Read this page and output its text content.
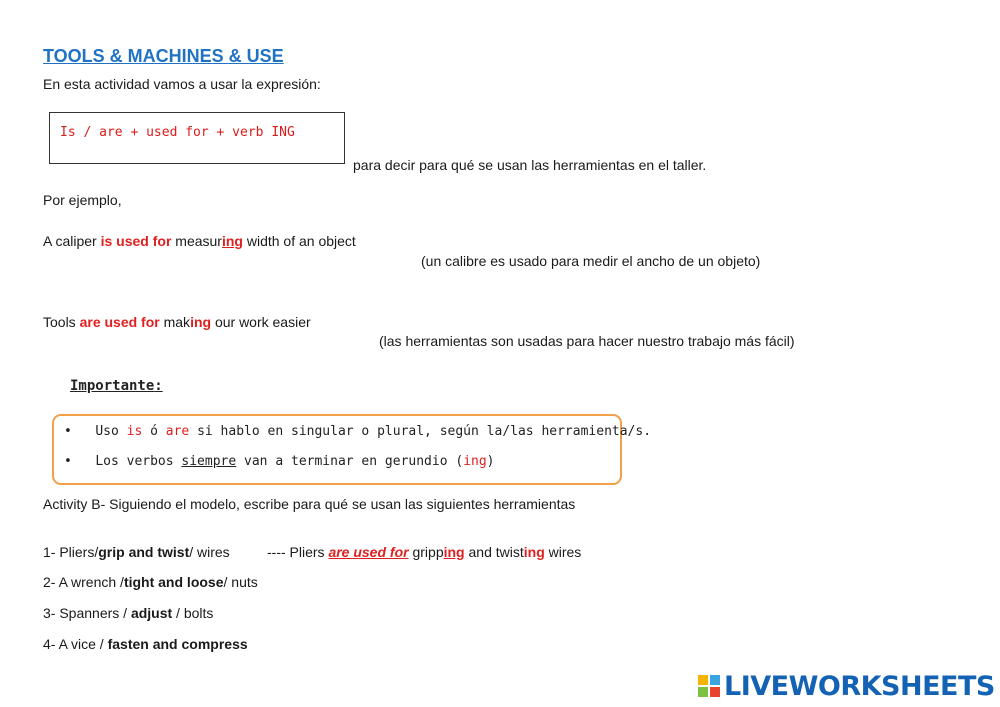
TOOLS & MACHINES & USE
En esta actividad vamos a usar la expresión:
Is / are + used for + verb ING
para decir para qué se usan las herramientas en el taller.
Por ejemplo,
A caliper is used for measuring width of an object
(un calibre es usado para medir el ancho de un objeto)
Tools are used for making our work easier
(las herramientas son usadas para hacer nuestro trabajo más fácil)
Importante:
•   Uso is ó are si hablo en singular o plural, según la/las herramienta/s.
•   Los verbos siempre van a terminar en gerundio (ing)
Activity B- Siguiendo el modelo, escribe para qué se usan las siguientes herramientas
1- Pliers/grip and twist/ wires	---- Pliers are used for gripping and twisting wires
2- A wrench /tight and loose/ nuts
3- Spanners / adjust / bolts
4- A vice / fasten and compress
LIVEWORKSHEETS
